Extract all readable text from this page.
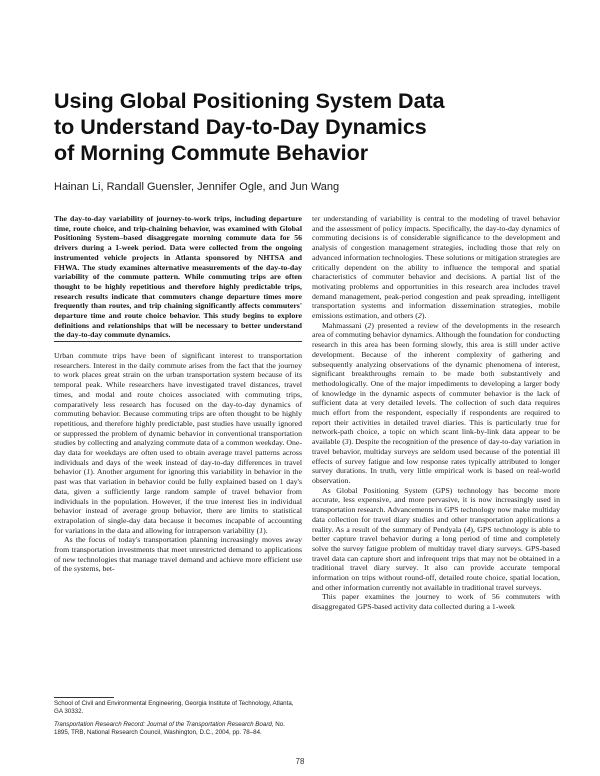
Using Global Positioning System Data
to Understand Day-to-Day Dynamics
of Morning Commute Behavior
Hainan Li, Randall Guensler, Jennifer Ogle, and Jun Wang

The day-to-day variability of journey-to-work trips, including departure time, route choice, and trip-chaining behavior, was examined with Global Positioning System–based disaggregate morning commute data for 56 drivers during a 1-week period. Data were collected from the ongoing instrumented vehicle projects in Atlanta sponsored by NHTSA and FHWA. The study examines alternative measurements of the day-to-day variability of the commute pattern. While commuting trips are often thought to be highly repetitious and therefore highly predictable trips, research results indicate that commuters change departure times more frequently than routes, and trip chaining significantly affects commuters' departure time and route choice behavior. This study begins to explore definitions and relationships that will be necessary to better understand the day-to-day commute dynamics.

Urban commute trips have been of significant interest to transportation researchers. Interest in the daily commute arises from the fact that the journey to work places great strain on the urban transportation system because of its temporal peak. While researchers have investigated travel distances, travel times, and modal and route choices associated with commuting trips, comparatively less research has focused on the day-to-day dynamics of commuting behavior. Because commuting trips are often thought to be highly repetitious, and therefore highly predictable, past studies have usually ignored or suppressed the problem of dynamic behavior in conventional transportation studies by collecting and analyzing commute data of a common weekday. One-day data for weekdays are often used to obtain average travel patterns across individuals and days of the week instead of day-to-day differences in travel behavior (1). Another argument for ignoring this variability in behavior in the past was that variation in behavior could be fully explained based on 1 day's data, given a sufficiently large random sample of travel behavior from individuals in the population. However, if the true interest lies in individual behavior instead of average group behavior, there are limits to statistical extrapolation of single-day data because it becomes incapable of accounting for variations in the data and allowing for intraperson variability (1).

As the focus of today's transportation planning increasingly moves away from transportation investments that meet unrestricted demand to applications of new technologies that manage travel demand and achieve more efficient use of the systems, bet-

ter understanding of variability is central to the modeling of travel behavior and the assessment of policy impacts. Specifically, the day-to-day dynamics of commuting decisions is of considerable significance to the development and analysis of congestion management strategies, including those that rely on advanced information technologies. These solutions or mitigation strategies are critically dependent on the ability to influence the temporal and spatial characteristics of commuter behavior and decisions. A partial list of the motivating problems and opportunities in this research area includes travel demand management, peak-period congestion and peak spreading, intelligent transportation systems and information dissemination strategies, mobile emissions estimation, and others (2).

Mahmassani (2) presented a review of the developments in the research area of commuting behavior dynamics. Although the foundation for conducting research in this area has been forming slowly, this area is still under active development. Because of the inherent complexity of gathering and subsequently analyzing observations of the dynamic phenomena of interest, significant breakthroughs remain to be made both substantively and methodologically. One of the major impediments to developing a larger body of knowledge in the dynamic aspects of commuter behavior is the lack of sufficient data at very detailed levels. The collection of such data requires much effort from the respondent, especially if respondents are required to report their activities in detailed travel diaries. This is particularly true for network-path choice, a topic on which scant link-by-link data appear to be available (3). Despite the recognition of the presence of day-to-day variation in travel behavior, multiday surveys are seldom used because of the potential ill effects of survey fatigue and low response rates typically attributed to longer survey durations. In truth, very little empirical work is based on real-world observation.

As Global Positioning System (GPS) technology has become more accurate, less expensive, and more pervasive, it is now increasingly used in transportation research. Advancements in GPS technology now make multiday data collection for travel diary studies and other transportation applications a reality. As a result of the summary of Pendyala (4), GPS technology is able to better capture travel behavior during a long period of time and completely solve the survey fatigue problem of multiday travel diary surveys. GPS-based travel data can capture short and infrequent trips that may not be obtained in a traditional travel diary survey. It also can provide accurate temporal information on trips without round-off, detailed route choice, spatial location, and other information currently not available in traditional travel surveys.

This paper examines the journey to work of 56 commuters with disaggregated GPS-based activity data collected during a 1-week

School of Civil and Environmental Engineering, Georgia Institute of Technology, Atlanta, GA 30332.

Transportation Research Record: Journal of the Transportation Research Board, No. 1895, TRB, National Research Council, Washington, D.C., 2004, pp. 78–84.

78
